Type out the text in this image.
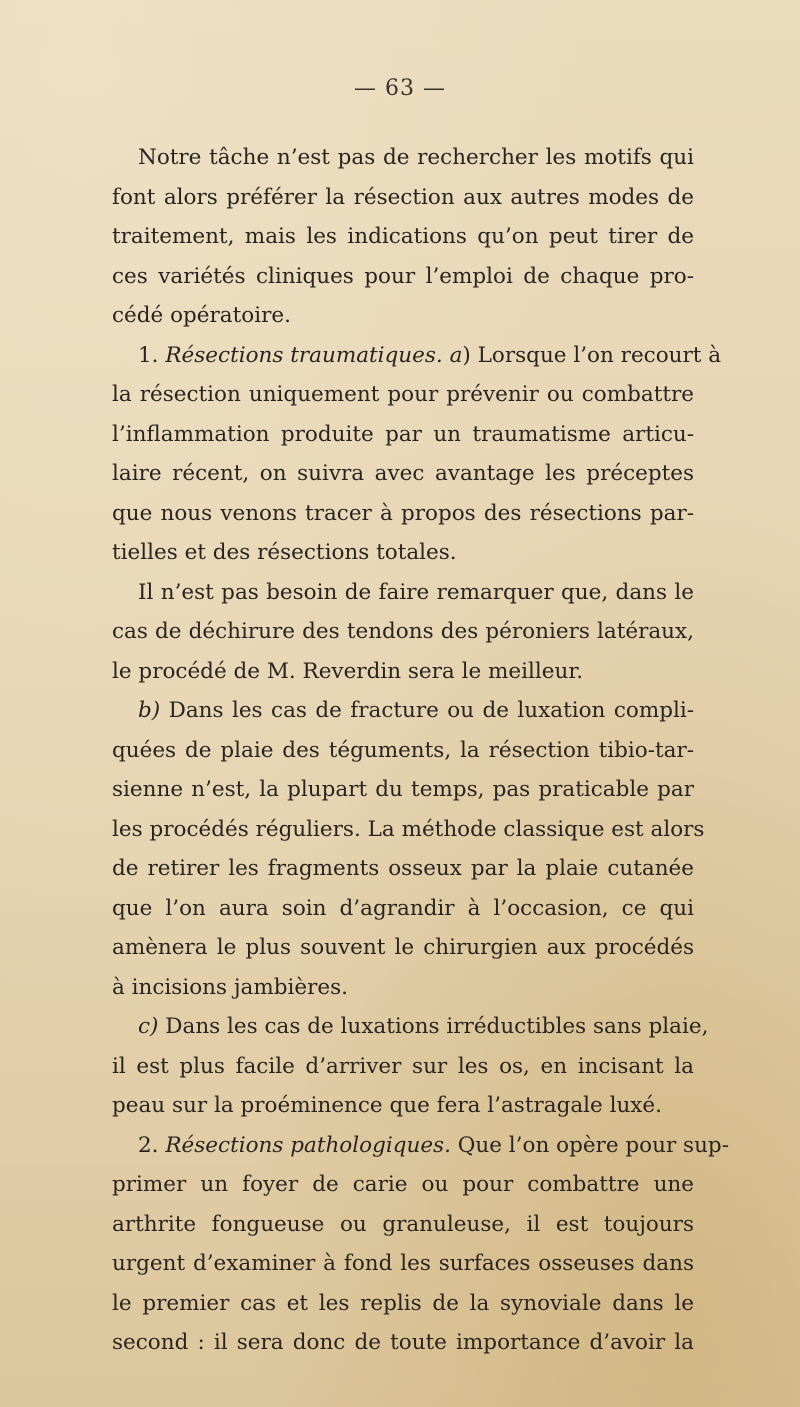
— 63 —
Notre tâche n’est pas de rechercher les motifs qui
font alors préférer la résection aux autres modes de
traitement, mais les indications qu’on peut tirer de
ces variétés cliniques pour l’emploi de chaque pro-
cédé opératoire.
1. Résections traumatiques. a) Lorsque l’on recourt à
la résection uniquement pour prévenir ou combattre
l’inflammation produite par un traumatisme articu-
laire récent, on suivra avec avantage les préceptes
que nous venons tracer à propos des résections par-
tielles et des résections totales.
Il n’est pas besoin de faire remarquer que, dans le
cas de déchirure des tendons des péroniers latéraux,
le procédé de M. Reverdin sera le meilleur.
b) Dans les cas de fracture ou de luxation compli-
quées de plaie des téguments, la résection tibio-tar-
sienne n’est, la plupart du temps, pas praticable par
les procédés réguliers. La méthode classique est alors
de retirer les fragments osseux par la plaie cutanée
que l’on aura soin d’agrandir à l’occasion, ce qui
amènera le plus souvent le chirurgien aux procédés
à incisions jambières.
c) Dans les cas de luxations irréductibles sans plaie,
il est plus facile d’arriver sur les os, en incisant la
peau sur la proéminence que fera l’astragale luxé.
2. Résections pathologiques. Que l’on opère pour sup-
primer un foyer de carie ou pour combattre une
arthrite fongueuse ou granuleuse, il est toujours
urgent d’examiner à fond les surfaces osseuses dans
le premier cas et les replis de la synoviale dans le
second : il sera donc de toute importance d’avoir la
